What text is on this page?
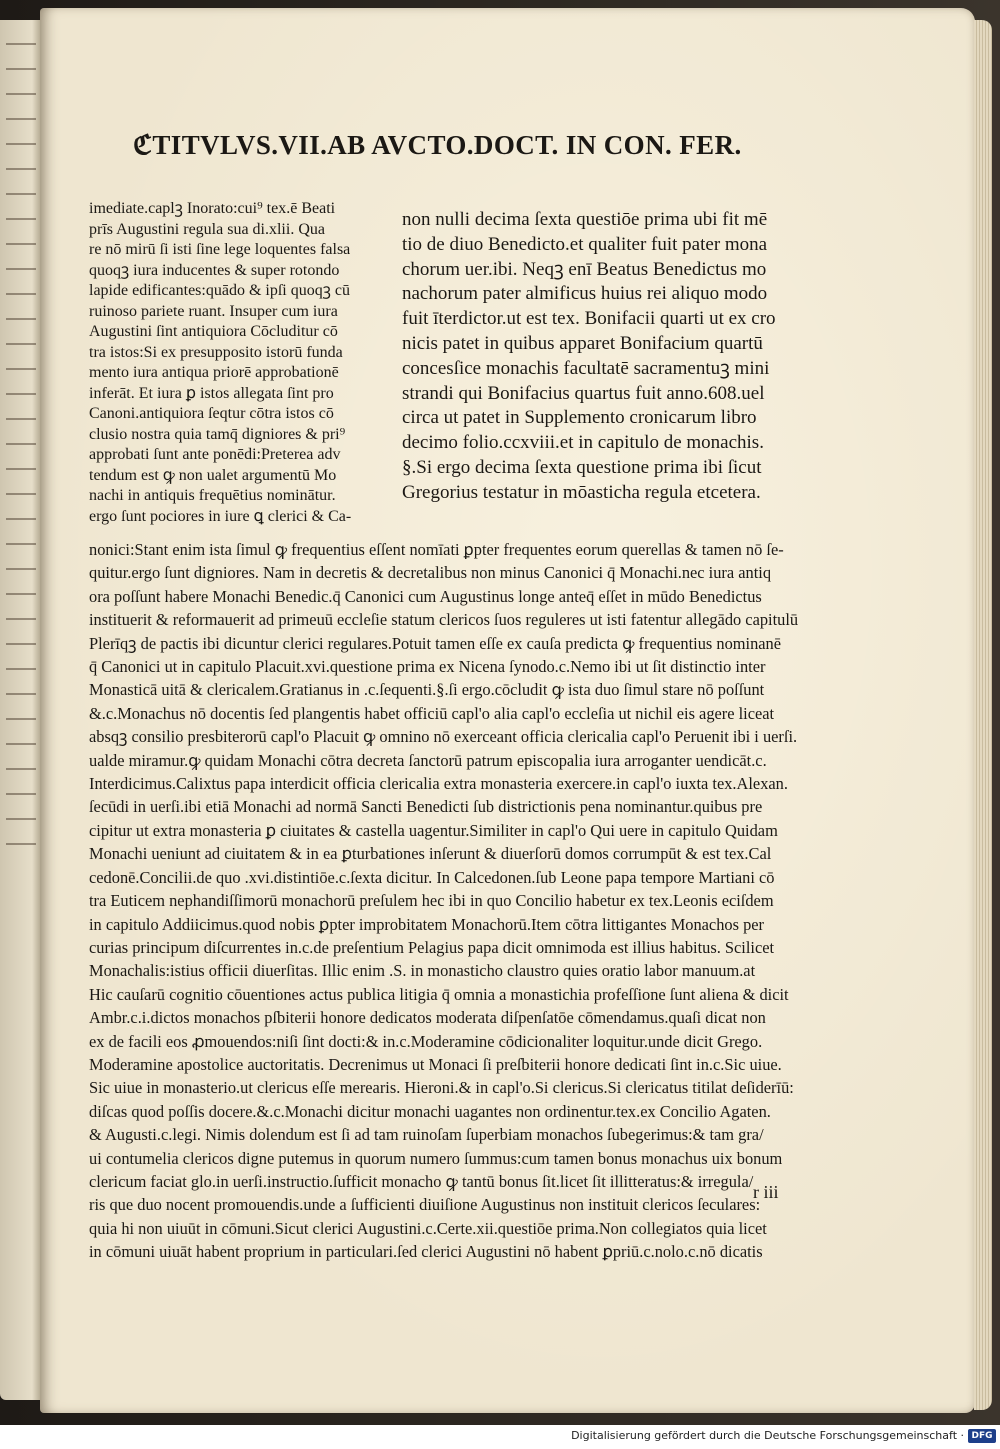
ℭTITVLVS.VII.AB AVCTO.DOCT. IN CON. FER.
imediate.caplꝫ Inorato:cui⁹ tex.ē Beati
prīs Augustini regula sua di.xlii. Qua
re nō mirū ſi isti ſine lege loquentes falsa
quoqꝫ iura inducentes & super rotondo
lapide edificantes:quādo & ipſi quoqꝫ cū
ruinoso pariete ruant. Insuper cum iura
Augustini ſint antiquiora Cōcluditur cō
tra istos:Si ex presupposito istorū funda
mento iura antiqua priorē approbationē
inferāt. Et iura ꝑ istos allegata ſint pro
Canoni.antiquiora ſeqtur cōtra istos cō
clusio nostra quia tamq̄ digniores & pri⁹
approbati ſunt ante ponēdi:Preterea adv
tendum est ꝙ non ualet argumentū Mo
nachi in antiquis frequētius nominātur.
ergo ſunt pociores in iure ꝗ clerici & Ca-
non nulli decima ſexta questiōe prima ubi fit mē
tio de diuo Benedicto.et qualiter fuit pater mona
chorum uer.ibi. Neqꝫ enī Beatus Benedictus mo
nachorum pater almificus huius rei aliquo modo
fuit īterdictor.ut est tex. Bonifacii quarti ut ex cro
nicis patet in quibus apparet Bonifacium quartū
concesſice monachis facultatē sacramentuꝫ mini
strandi qui Bonifacius quartus fuit anno.608.uel
circa ut patet in Supplemento cronicarum libro
decimo folio.ccxviii.et in capitulo de monachis.
§.Si ergo decima ſexta questione prima ibi ſicut
Gregorius testatur in mōasticha regula etcetera.
nonici:Stant enim ista ſimul ꝙ frequentius eſſent nomīati ꝑpter frequentes eorum querellas & tamen nō ſe-
quitur.ergo ſunt digniores. Nam in decretis & decretalibus non minus Canonici q̄ Monachi.nec iura antiq
ora poſſunt habere Monachi Benedic.q̄ Canonici cum Augustinus longe anteq̄ eſſet in mūdo Benedictus
instituerit & reformauerit ad primeuū eccleſie statum clericos ſuos reguleres ut isti fatentur allegādo capitulū
Plerīqꝫ de pactis ibi dicuntur clerici regulares.Potuit tamen eſſe ex cauſa predicta ꝙ frequentius nominanē
q̄ Canonici ut in capitulo Placuit.xvi.questione prima ex Nicena ſynodo.c.Nemo ibi ut ſit distinctio inter
Monasticā uitā & clericalem.Gratianus in .c.ſequenti.§.ſi ergo.cōcludit ꝙ ista duo ſimul stare nō poſſunt
&.c.Monachus nō docentis ſed plangentis habet officiū capl'o alia capl'o eccleſia ut nichil eis agere liceat
absqꝫ consilio presbiterorū capl'o Placuit ꝙ omnino nō exerceant officia clericalia capl'o Peruenit ibi i uerſi.
ualde miramur.ꝙ quidam Monachi cōtra decreta ſanctorū patrum episcopalia iura arroganter uendicāt.c.
Interdicimus.Calixtus papa interdicit officia clericalia extra monasteria exercere.in capl'o iuxta tex.Alexan.
ſecūdi in uerſi.ibi etiā Monachi ad normā Sancti Benedicti ſub districtionis pena nominantur.quibus pre
cipitur ut extra monasteria ꝑ ciuitates & castella uagentur.Similiter in capl'o Qui uere in capitulo Quidam
Monachi ueniunt ad ciuitatem & in ea ꝑturbationes inſerunt & diuerſorū domos corrumpūt & est tex.Cal
cedonē.Concilii.de quo .xvi.distintiōe.c.ſexta dicitur. In Calcedonen.ſub Leone papa tempore Martiani cō
tra Euticem nephandiſſimorū monachorū preſulem hec ibi in quo Concilio habetur ex tex.Leonis eciſdem
in capitulo Addiicimus.quod nobis ꝑpter improbitatem Monachorū.Item cōtra littigantes Monachos per
curias principum diſcurrentes in.c.de preſentium Pelagius papa dicit omnimoda est illius habitus. Scilicet
Monachalis:istius officii diuerſitas. Illic enim .S. in monasticho claustro quies oratio labor manuum.at
Hic cauſarū cognitio cōuentiones actus publica litigia q̄ omnia a monastichia profeſſione ſunt aliena & dicit
Ambr.c.i.dictos monachos pſbiterii honore dedicatos moderata diſpenſatōe cōmendamus.quaſi dicat non
ex de facili eos ꝓmouendos:niſi ſint docti:& in.c.Moderamine cōdicionaliter loquitur.unde dicit Grego.
Moderamine apostolice auctoritatis. Decrenimus ut Monaci ſi preſbiterii honore dedicati ſint in.c.Sic uiue.
Sic uiue in monasterio.ut clericus eſſe merearis. Hieroni.& in capl'o.Si clericus.Si clericatus titilat deſiderīū:
diſcas quod poſſis docere.&.c.Monachi dicitur monachi uagantes non ordinentur.tex.ex Concilio Agaten.
& Augusti.c.legi. Nimis dolendum est ſi ad tam ruinoſam ſuperbiam monachos ſubegerimus:& tam gra/
ui contumelia clericos digne putemus in quorum numero ſummus:cum tamen bonus monachus uix bonum
clericum faciat glo.in uerſi.instructio.ſufficit monacho ꝙ tantū bonus ſit.licet ſit illitteratus:& irregula/
ris que duo nocent promouendis.unde a ſufficienti diuiſione Augustinus non instituit clericos ſeculares:
quia hi non uiuūt in cōmuni.Sicut clerici Augustini.c.Certe.xii.questiōe prima.Non collegiatos quia licet
in cōmuni uiuāt habent proprium in particulari.ſed clerici Augustini nō habent ꝑpriū.c.nolo.c.nō dicatis
r iii
Digitalisierung gefördert durch die Deutsche Forschungsgemeinschaft · DFG
